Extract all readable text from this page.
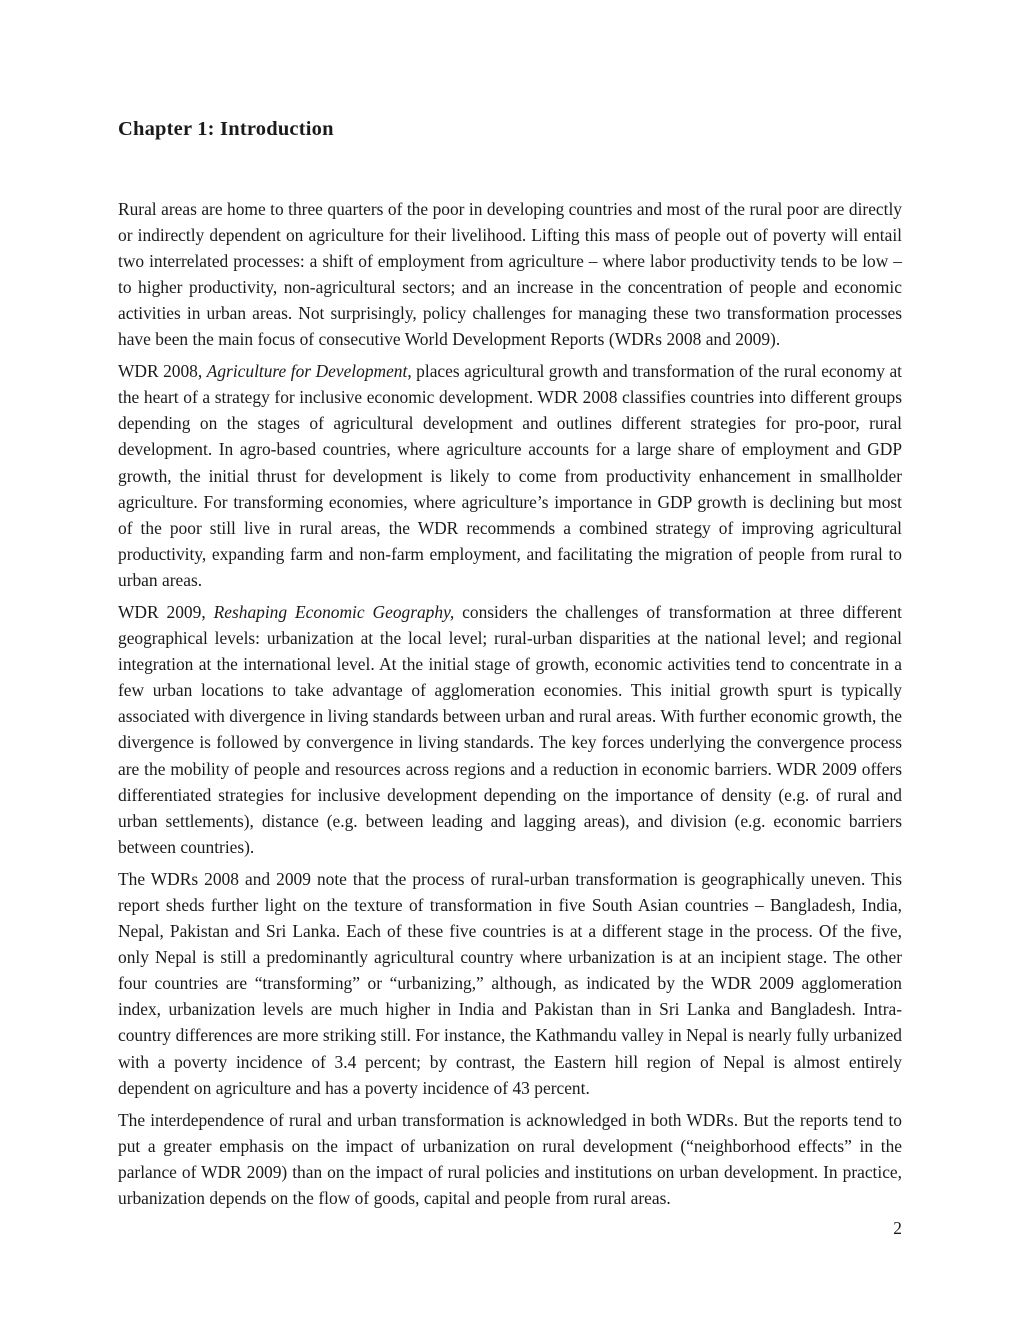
Chapter 1: Introduction

Rural areas are home to three quarters of the poor in developing countries and most of the rural poor are directly or indirectly dependent on agriculture for their livelihood. Lifting this mass of people out of poverty will entail two interrelated processes: a shift of employment from agriculture – where labor productivity tends to be low – to higher productivity, non-agricultural sectors; and an increase in the concentration of people and economic activities in urban areas. Not surprisingly, policy challenges for managing these two transformation processes have been the main focus of consecutive World Development Reports (WDRs 2008 and 2009).

WDR 2008, Agriculture for Development, places agricultural growth and transformation of the rural economy at the heart of a strategy for inclusive economic development. WDR 2008 classifies countries into different groups depending on the stages of agricultural development and outlines different strategies for pro-poor, rural development. In agro-based countries, where agriculture accounts for a large share of employment and GDP growth, the initial thrust for development is likely to come from productivity enhancement in smallholder agriculture. For transforming economies, where agriculture’s importance in GDP growth is declining but most of the poor still live in rural areas, the WDR recommends a combined strategy of improving agricultural productivity, expanding farm and non-farm employment, and facilitating the migration of people from rural to urban areas.

WDR 2009, Reshaping Economic Geography, considers the challenges of transformation at three different geographical levels: urbanization at the local level; rural-urban disparities at the national level; and regional integration at the international level. At the initial stage of growth, economic activities tend to concentrate in a few urban locations to take advantage of agglomeration economies. This initial growth spurt is typically associated with divergence in living standards between urban and rural areas. With further economic growth, the divergence is followed by convergence in living standards. The key forces underlying the convergence process are the mobility of people and resources across regions and a reduction in economic barriers. WDR 2009 offers differentiated strategies for inclusive development depending on the importance of density (e.g. of rural and urban settlements), distance (e.g. between leading and lagging areas), and division (e.g. economic barriers between countries).

The WDRs 2008 and 2009 note that the process of rural-urban transformation is geographically uneven. This report sheds further light on the texture of transformation in five South Asian countries – Bangladesh, India, Nepal, Pakistan and Sri Lanka. Each of these five countries is at a different stage in the process. Of the five, only Nepal is still a predominantly agricultural country where urbanization is at an incipient stage. The other four countries are “transforming” or “urbanizing,” although, as indicated by the WDR 2009 agglomeration index, urbanization levels are much higher in India and Pakistan than in Sri Lanka and Bangladesh. Intra-country differences are more striking still. For instance, the Kathmandu valley in Nepal is nearly fully urbanized with a poverty incidence of 3.4 percent; by contrast, the Eastern hill region of Nepal is almost entirely dependent on agriculture and has a poverty incidence of 43 percent.

The interdependence of rural and urban transformation is acknowledged in both WDRs. But the reports tend to put a greater emphasis on the impact of urbanization on rural development (“neighborhood effects” in the parlance of WDR 2009) than on the impact of rural policies and institutions on urban development. In practice, urbanization depends on the flow of goods, capital and people from rural areas.

2
